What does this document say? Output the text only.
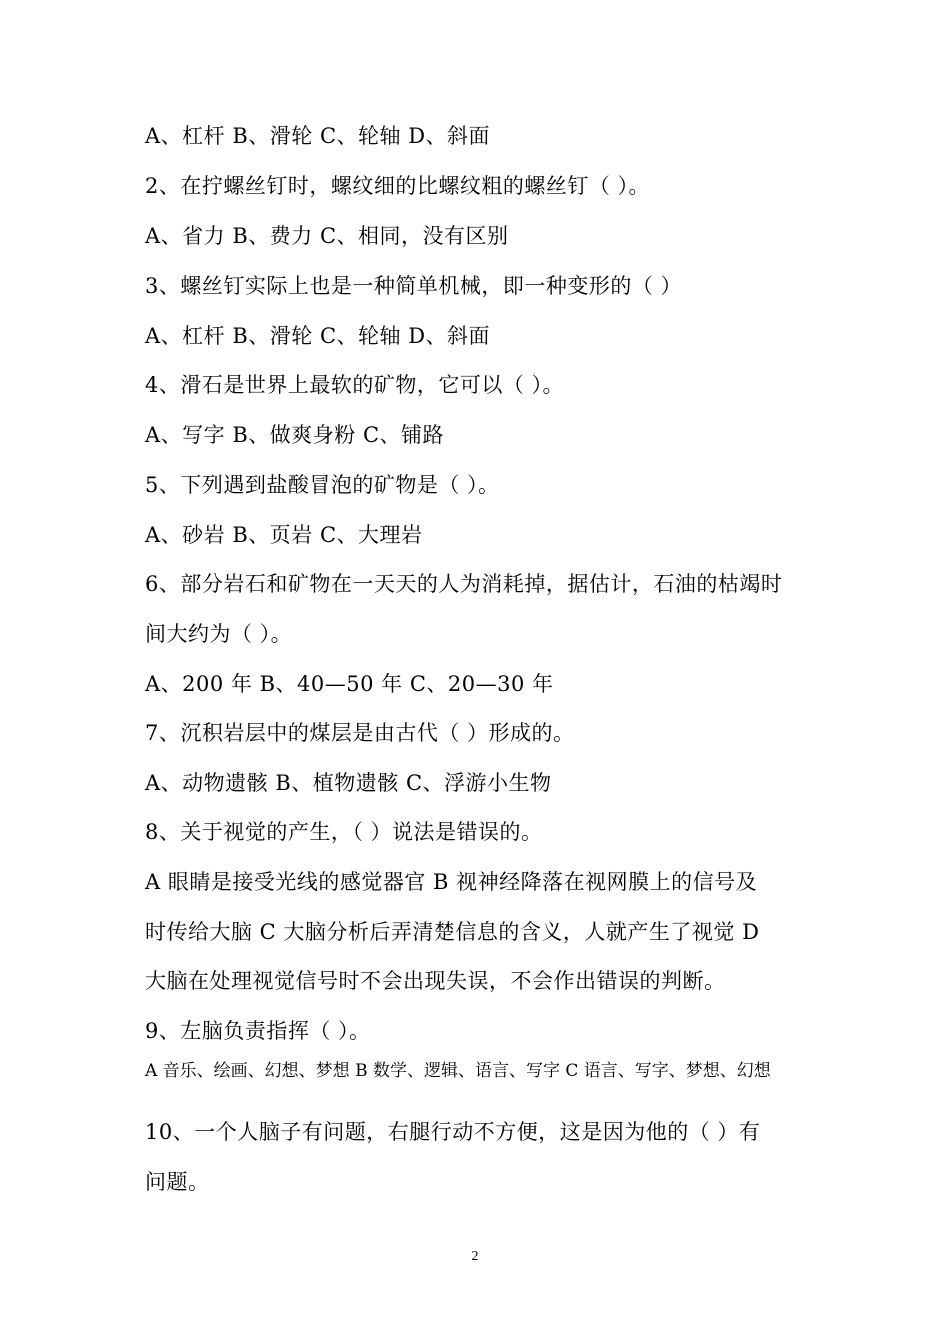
A、杠杆 B、滑轮 C、轮轴 D、斜面
2、在拧螺丝钉时，螺纹细的比螺纹粗的螺丝钉（ ）。
A、省力 B、费力 C、相同，没有区别
3、螺丝钉实际上也是一种简单机械，即一种变形的（ ）
A、杠杆 B、滑轮 C、轮轴 D、斜面
4、滑石是世界上最软的矿物，它可以（ ）。
A、写字 B、做爽身粉 C、铺路
5、下列遇到盐酸冒泡的矿物是（ ）。
A、砂岩 B、页岩 C、大理岩
6、部分岩石和矿物在一天天的人为消耗掉，据估计，石油的枯竭时
间大约为（ ）。
A、200 年 B、40—50 年 C、20—30 年
7、沉积岩层中的煤层是由古代（ ）形成的。
A、动物遗骸 B、植物遗骸 C、浮游小生物
8、关于视觉的产生，（ ）说法是错误的。
A 眼睛是接受光线的感觉器官 B 视神经降落在视网膜上的信号及
时传给大脑 C 大脑分析后弄清楚信息的含义，人就产生了视觉 D
大脑在处理视觉信号时不会出现失误，不会作出错误的判断。
9、左脑负责指挥（ ）。
A 音乐、绘画、幻想、梦想 B 数学、逻辑、语言、写字 C 语言、写字、梦想、幻想
10、一个人脑子有问题，右腿行动不方便，这是因为他的（ ）有
问题。
2
